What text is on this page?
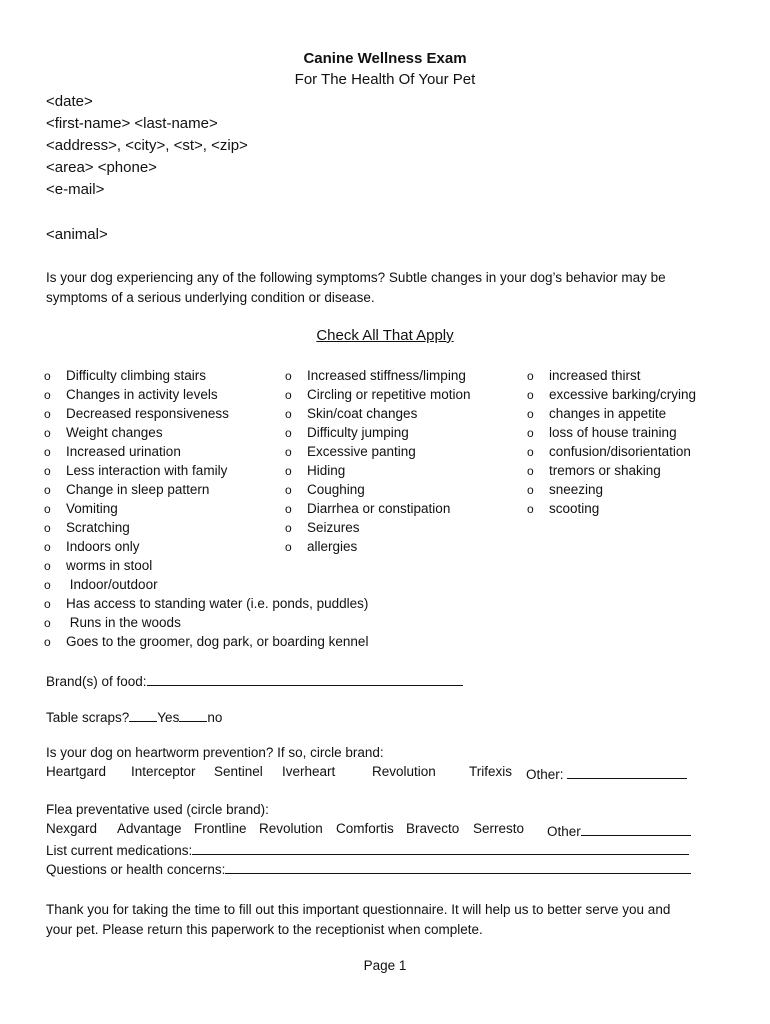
Canine Wellness Exam
For The Health Of Your Pet
<date>
<first-name> <last-name>
<address>, <city>, <st>, <zip>
<area> <phone>
<e-mail>
<animal>
Is your dog experiencing any of the following symptoms? Subtle changes in your dog’s behavior may be
symptoms of a serious underlying condition or disease.
Check All That Apply
o Difficulty climbing stairs
o Changes in activity levels
o Decreased responsiveness
o Weight changes
o Increased urination
o Less interaction with family
o Change in sleep pattern
o Vomiting
o Scratching
o Indoors only
o worms in stool
o Indoor/outdoor
o Has access to standing water (i.e. ponds, puddles)
o Runs in the woods
o Goes to the groomer, dog park, or boarding kennel
o Increased stiffness/limping
o Circling or repetitive motion
o Skin/coat changes
o Difficulty jumping
o Excessive panting
o Hiding
o Coughing
o Diarrhea or constipation
o Seizures
o allergies
o increased thirst
o excessive barking/crying
o changes in appetite
o loss of house training
o confusion/disorientation
o tremors or shaking
o sneezing
o scooting
Brand(s) of food:
Table scraps? Yes no
Is your dog on heartworm prevention? If so, circle brand:
Heartgard Interceptor Sentinel Iverheart	Revolution Trifexis Other:
Flea preventative used (circle brand):
Nexgard Advantage Frontline Revolution Comfortis Bravecto Serresto Other
List current medications:
Questions or health concerns:
Thank you for taking the time to fill out this important questionnaire. It will help us to better serve you and
your pet. Please return this paperwork to the receptionist when complete.
Page 1
